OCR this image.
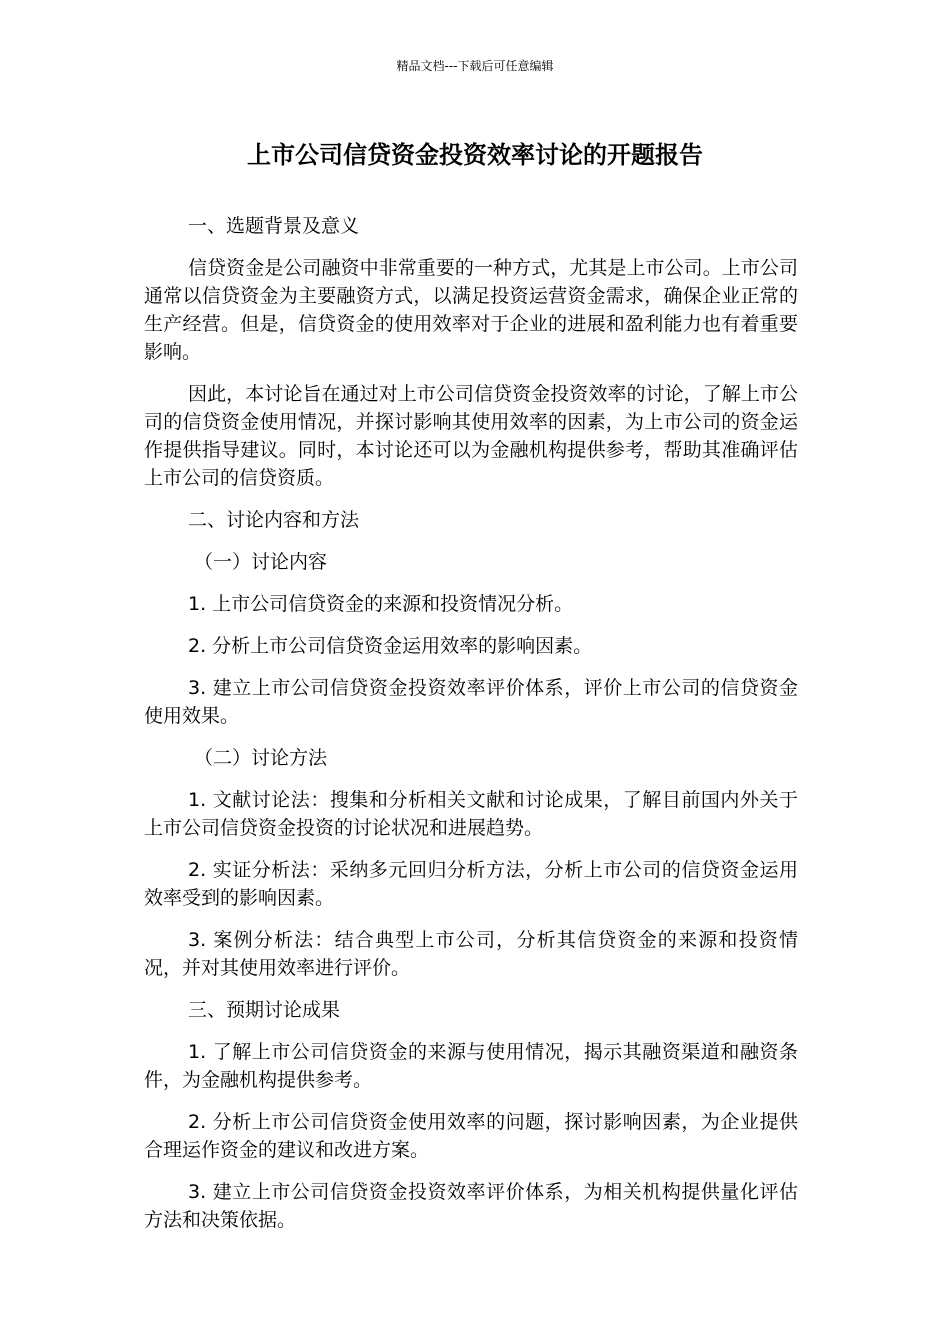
精品文档---下载后可任意编辑
上市公司信贷资金投资效率讨论的开题报告

一、选题背景及意义

信贷资金是公司融资中非常重要的一种方式，尤其是上市公司。上市公司通常以信贷资金为主要融资方式，以满足投资运营资金需求，确保企业正常的生产经营。但是，信贷资金的使用效率对于企业的进展和盈利能力也有着重要影响。

因此，本讨论旨在通过对上市公司信贷资金投资效率的讨论，了解上市公司的信贷资金使用情况，并探讨影响其使用效率的因素，为上市公司的资金运作提供指导建议。同时，本讨论还可以为金融机构提供参考，帮助其准确评估上市公司的信贷资质。

二、讨论内容和方法

（一）讨论内容

1. 上市公司信贷资金的来源和投资情况分析。

2. 分析上市公司信贷资金运用效率的影响因素。

3. 建立上市公司信贷资金投资效率评价体系，评价上市公司的信贷资金使用效果。

（二）讨论方法

1. 文献讨论法：搜集和分析相关文献和讨论成果，了解目前国内外关于上市公司信贷资金投资的讨论状况和进展趋势。

2. 实证分析法：采纳多元回归分析方法，分析上市公司的信贷资金运用效率受到的影响因素。

3. 案例分析法：结合典型上市公司，分析其信贷资金的来源和投资情况，并对其使用效率进行评价。

三、预期讨论成果

1. 了解上市公司信贷资金的来源与使用情况，揭示其融资渠道和融资条件，为金融机构提供参考。

2. 分析上市公司信贷资金使用效率的问题，探讨影响因素，为企业提供合理运作资金的建议和改进方案。

3. 建立上市公司信贷资金投资效率评价体系，为相关机构提供量化评估方法和决策依据。
